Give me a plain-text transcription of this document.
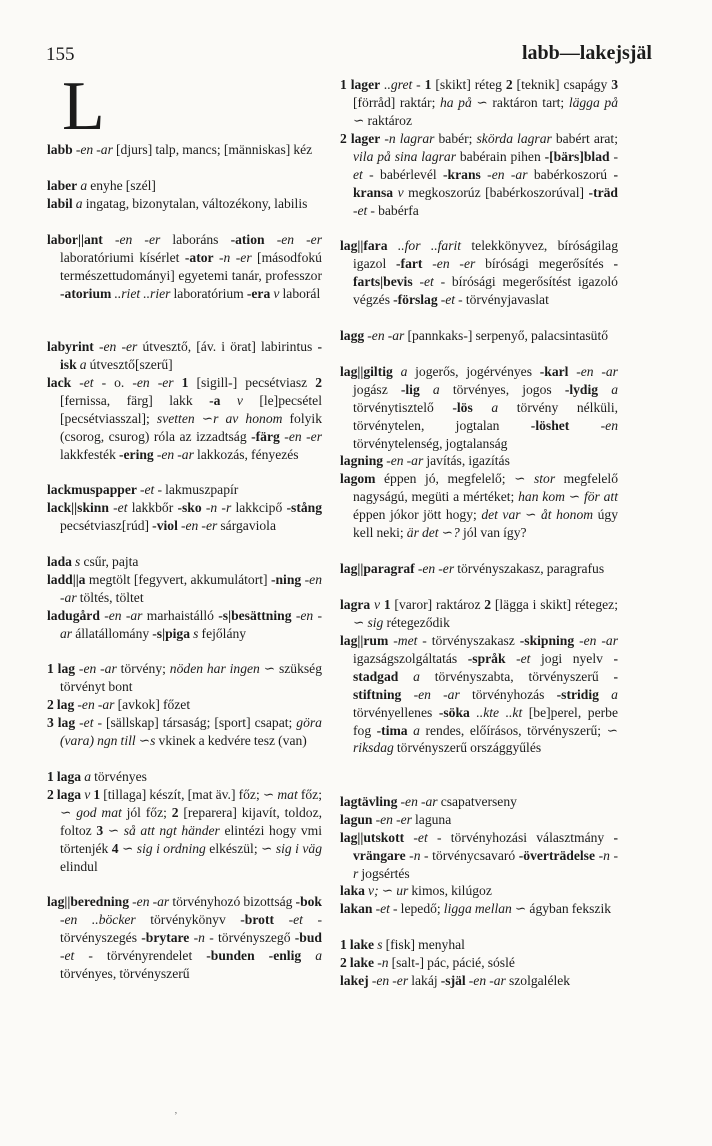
155	labb—lakejsjäl
L
labb -en -ar [djurs] talp, mancs; [människas] kéz
laber a enyhe [szél]
labil a ingatag, bizonytalan, változékony, labilis
labor||ant -en -er laboráns -ation -en -er laboratóriumi kísérlet -ator -n -er [másodfokú természettudományi] egyetemi tanár, professzor -atorium ..riet ..rier laboratórium -era v laborál
labyrint -en -er útvesztő, [áv. i örat] labirintus -isk a útvesztő[szerű]
lack -et - o. -en -er 1 [sigill-] pecsétviasz 2 [fernissa, färg] lakk -a v [le]pecsétel [pecsétviasszal]; svetten ∽r av honom folyik (csorog, csurog) róla az izzadtság -färg -en -er lakkfesték -ering -en -ar lakkozás, fényezés
lackmuspapper -et - lakmuszpapír
lack||skinn -et lakkbőr -sko -n -r lakkcipő -stång pecsétviasz[rúd] -viol -en -er sárgaviola
lada s csűr, pajta
ladd||a megtölt [fegyvert, akkumulátort] -ning -en -ar töltés, töltet
ladugård -en -ar marhaistálló -s|besättning -en -ar állatállomány -s|piga s fejőlány
1 lag -en -ar törvény; nöden har ingen ∽ szükség törvényt bont
2 lag -en -ar [avkok] főzet
3 lag -et - [sällskap] társaság; [sport] csapat; göra (vara) ngn till ∽s vkinek a kedvére tesz (van)
1 laga a törvényes
2 laga v 1 [tillaga] készít, [mat äv.] főz; ∽ mat főz; ∽ god mat jól főz; 2 [reparera] kijavít, toldoz, foltoz 3 ∽ så att ngt händer elintézi hogy vmi törtenjék 4 ∽ sig i ordning elkészül; ∽ sig i väg elindul
lag||beredning -en -ar törvényhozó bizottság -bok -en ..böcker törvénykönyv -brott -et - törvényszegés -brytare -n - törvényszegő -bud -et - törvényrendelet -bunden -enlig a törvényes, törvényszerű
1 lager ..gret - 1 [skikt] réteg 2 [teknik] csapágy 3 [förråd] raktár; ha på ∽ raktáron tart; lägga på ∽ raktároz
2 lager -n lagrar babér; skörda lagrar babért arat; vila på sina lagrar babérain pihen -[bärs]blad -et - babérlevél -krans -en -ar babérkoszorú -kransa v megkoszorúz [babérkoszorúval] -träd -et - babérfa
lag||fara ..for ..farit telekkönyvez, bíróságilag igazol -fart -en -er bírósági megerősítés -farts|bevis -et - bírósági megerősítést igazoló végzés -förslag -et - törvényjavaslat
lagg -en -ar [pannkaks-] serpenyő, palacsintasütő
lag||giltig a jogerős, jogérvényes -karl -en -ar jogász -lig a törvényes, jogos -lydig a törvénytisztelő -lös a törvény nélküli, törvénytelen, jogtalan -löshet -en törvénytelenség, jogtalanság
lagning -en -ar javítás, igazítás
lagom éppen jó, megfelelő; ∽ stor megfelelő nagyságú, megüti a mértéket; han kom ∽ för att éppen jókor jött hogy; det var ∽ åt honom úgy kell neki; är det ∽? jól van így?
lag||paragraf -en -er törvényszakasz, paragrafus
lagra v 1 [varor] raktároz 2 [lägga i skikt] rétegez; ∽ sig rétegeződik
lag||rum -met - törvényszakasz -skipning -en -ar igazságszolgáltatás -språk -et jogi nyelv -stadgad a törvényszabta, törvényszerű -stiftning -en -ar törvényhozás -stridig a törvényellenes -söka ..kte ..kt [be]perel, perbe fog -tima a rendes, előírásos, törvényszerű; ∽ riksdag törvényszerű országgyűlés
lagtävling -en -ar csapatverseny
lagun -en -er laguna
lag||utskott -et - törvényhozási választmány -vrängare -n - törvénycsavaró -överträdelse -n -r jogsértés
laka v; ∽ ur kimos, kilúgoz
lakan -et - lepedő; ligga mellan ∽ ágyban fekszik
1 lake s [fisk] menyhal
2 lake -n [salt-] pác, pácié, sóslé
lakej -en -er lakáj -själ -en -ar szolgalélek
’
